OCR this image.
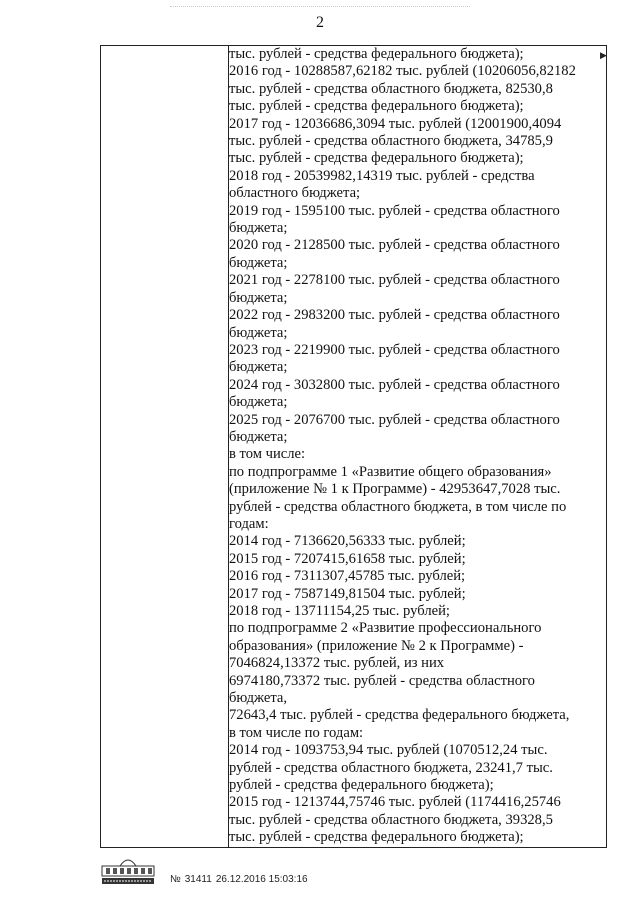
2
▶

тыс. рублей - средства федерального бюджета);
2016 год - 10288587,62182 тыс. рублей (10206056,82182
тыс. рублей - средства областного бюджета, 82530,8
тыс. рублей - средства федерального бюджета);
2017 год - 12036686,3094 тыс. рублей (12001900,4094
тыс. рублей - средства областного бюджета, 34785,9
тыс. рублей - средства федерального бюджета);
2018 год - 20539982,14319 тыс. рублей - средства
областного бюджета;
2019 год - 1595100 тыс. рублей - средства областного
бюджета;
2020 год - 2128500 тыс. рублей - средства областного
бюджета;
2021 год - 2278100 тыс. рублей - средства областного
бюджета;
2022 год - 2983200 тыс. рублей - средства областного
бюджета;
2023 год - 2219900 тыс. рублей - средства областного
бюджета;
2024 год - 3032800 тыс. рублей - средства областного
бюджета;
2025 год - 2076700 тыс. рублей - средства областного
бюджета;
в том числе:
по подпрограмме 1 «Развитие общего образования»
(приложение № 1 к Программе) - 42953647,7028 тыс.
рублей - средства областного бюджета, в том числе по
годам:
2014 год - 7136620,56333 тыс. рублей;
2015 год - 7207415,61658 тыс. рублей;
2016 год - 7311307,45785 тыс. рублей;
2017 год - 7587149,81504 тыс. рублей;
2018 год - 13711154,25 тыс. рублей;
по подпрограмме 2 «Развитие профессионального
образования» (приложение № 2 к Программе) -
7046824,13372 тыс. рублей, из них
6974180,73372 тыс. рублей - средства областного
бюджета,
72643,4 тыс. рублей - средства федерального бюджета,
в том числе по годам:
2014 год - 1093753,94 тыс. рублей (1070512,24 тыс.
рублей - средства областного бюджета, 23241,7 тыс.
рублей - средства федерального бюджета);
2015 год - 1213744,75746 тыс. рублей (1174416,25746
тыс. рублей - средства областного бюджета, 39328,5
тыс. рублей - средства федерального бюджета);
№ 31411 26.12.2016 15:03:16
